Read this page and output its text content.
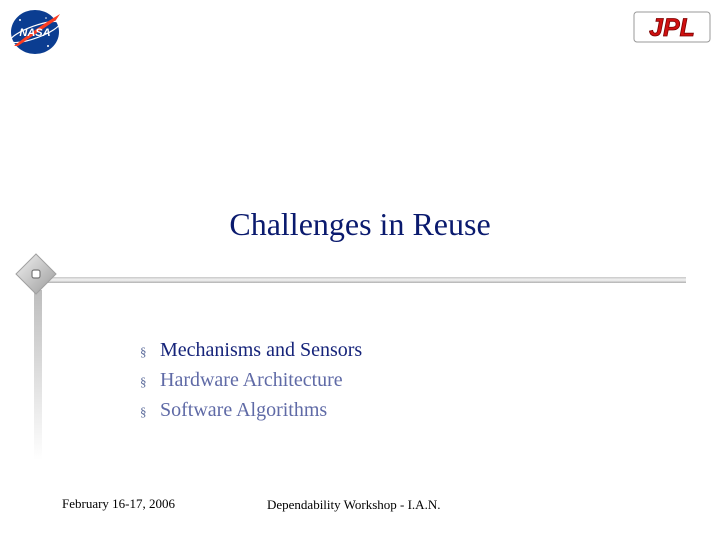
NASA	JPL
Challenges in Reuse
§ Mechanisms and Sensors
§ Hardware Architecture
§ Software Algorithms
February 16-17, 2006	Dependability Workshop - I.A.N.
